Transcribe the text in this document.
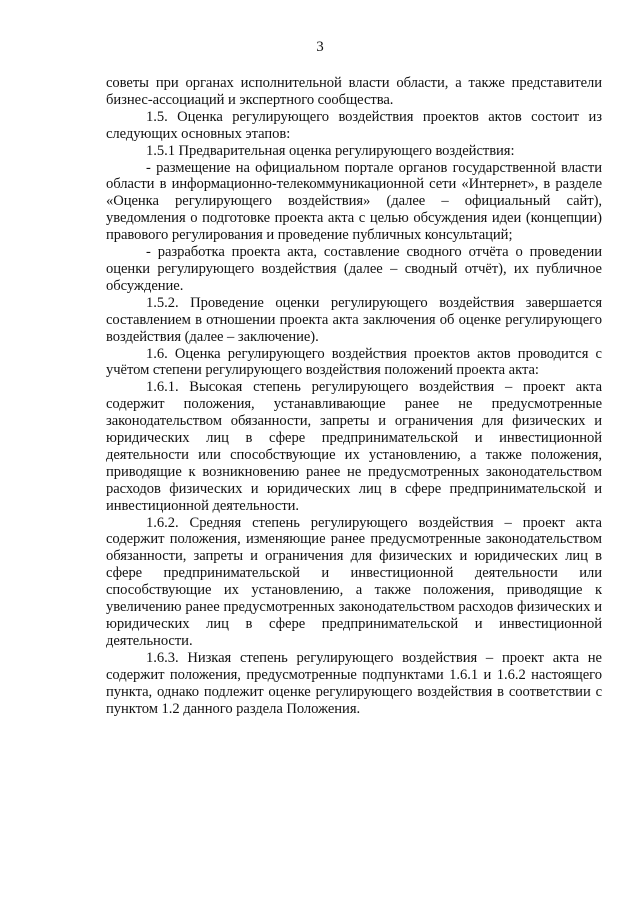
3

советы при органах исполнительной власти области, а также представители бизнес-ассоциаций и экспертного сообщества.

1.5. Оценка регулирующего воздействия проектов актов состоит из следующих основных этапов:

1.5.1 Предварительная оценка регулирующего воздействия:

- размещение на официальном портале органов государственной власти области в информационно-телекоммуникационной сети «Интернет», в разделе «Оценка регулирующего воздействия» (далее – официальный сайт), уведомления о подготовке проекта акта с целью обсуждения идеи (концепции) правового регулирования и проведение публичных консультаций;

- разработка проекта акта, составление сводного отчёта о проведении оценки регулирующего воздействия (далее – сводный отчёт), их публичное обсуждение.

1.5.2. Проведение оценки регулирующего воздействия завершается составлением в отношении проекта акта заключения об оценке регулирующего воздействия (далее – заключение).

1.6. Оценка регулирующего воздействия проектов актов проводится с учётом степени регулирующего воздействия положений проекта акта:

1.6.1. Высокая степень регулирующего воздействия – проект акта содержит положения, устанавливающие ранее не предусмотренные законодательством обязанности, запреты и ограничения для физических и юридических лиц в сфере предпринимательской и инвестиционной деятельности или способствующие их установлению, а также положения, приводящие к возникновению ранее не предусмотренных законодательством расходов физических и юридических лиц в сфере предпринимательской и инвестиционной деятельности.

1.6.2. Средняя степень регулирующего воздействия – проект акта содержит положения, изменяющие ранее предусмотренные законодательством обязанности, запреты и ограничения для физических и юридических лиц в сфере предпринимательской и инвестиционной деятельности или способствующие их установлению, а также положения, приводящие к увеличению ранее предусмотренных законодательством расходов физических и юридических лиц в сфере предпринимательской и инвестиционной деятельности.

1.6.3. Низкая степень регулирующего воздействия – проект акта не содержит положения, предусмотренные подпунктами 1.6.1 и 1.6.2 настоящего пункта, однако подлежит оценке регулирующего воздействия в соответствии с пунктом 1.2 данного раздела Положения.
